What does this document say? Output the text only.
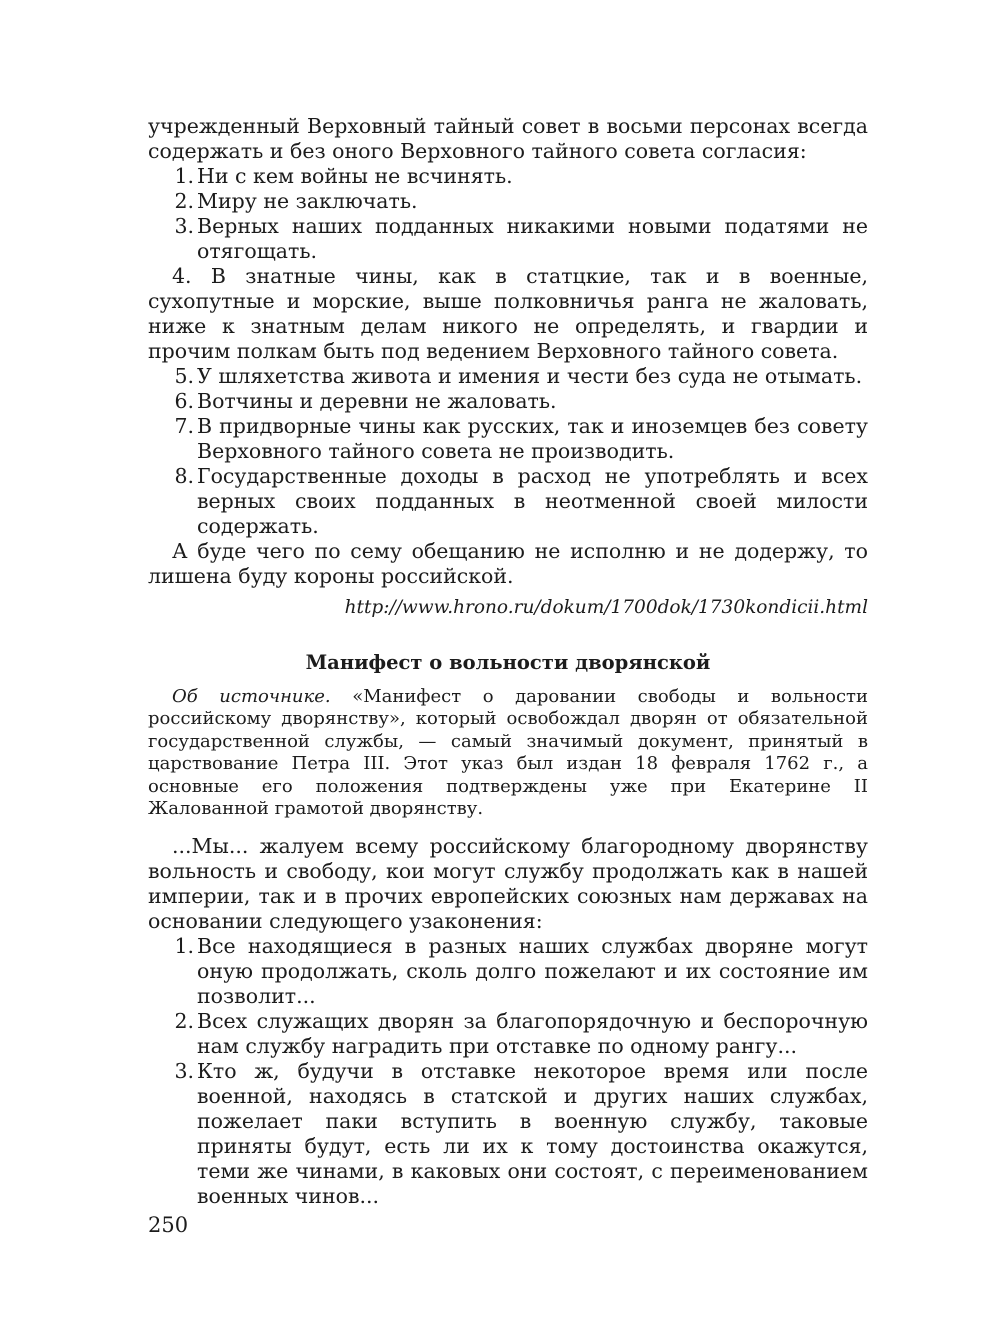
учрежденный Верховный тайный совет в восьми персонах всегда содержать и без оного Верховного тайного совета согласия:

1. Ни с кем войны не всчинять.
2. Миру не заключать.
3. Верных наших подданных никакими новыми податями не отягощать.

4. В знатные чины, как в статцкие, так и в военные, сухопутные и морские, выше полковничья ранга не жаловать, ниже к знатным делам никого не определять, и гвардии и прочим полкам быть под ведением Верховного тайного совета.

5. У шляхетства живота и имения и чести без суда не отымать.
6. Вотчины и деревни не жаловать.
7. В придворные чины как русских, так и иноземцев без совету Верховного тайного совета не производить.
8. Государственные доходы в расход не употреблять и всех верных своих подданных в неотменной своей милости содержать.

А буде чего по сему обещанию не исполню и не додержу, то лишена буду короны российской.

http://www.hrono.ru/dokum/1700dok/1730kondicii.html

Манифест о вольности дворянской

Об источнике. «Манифест о даровании свободы и вольности российскому дворянству», который освобождал дворян от обязательной государственной службы, — самый значимый документ, принятый в царствование Петра III. Этот указ был издан 18 февраля 1762 г., а основные его положения подтверждены уже при Екатерине II Жалованной грамотой дворянству.

...Мы... жалуем всему российскому благородному дворянству вольность и свободу, кои могут службу продолжать как в нашей империи, так и в прочих европейских союзных нам державах на основании следующего узаконения:

1. Все находящиеся в разных наших службах дворяне могут оную продолжать, сколь долго пожелают и их состояние им позволит...
2. Всех служащих дворян за благопорядочную и беспорочную нам службу наградить при отставке по одному рангу...
3. Кто ж, будучи в отставке некоторое время или после военной, находясь в статской и других наших службах, пожелает паки вступить в военную службу, таковые приняты будут, есть ли их к тому достоинства окажутся, теми же чинами, в каковых они состоят, с переименованием военных чинов...
250
